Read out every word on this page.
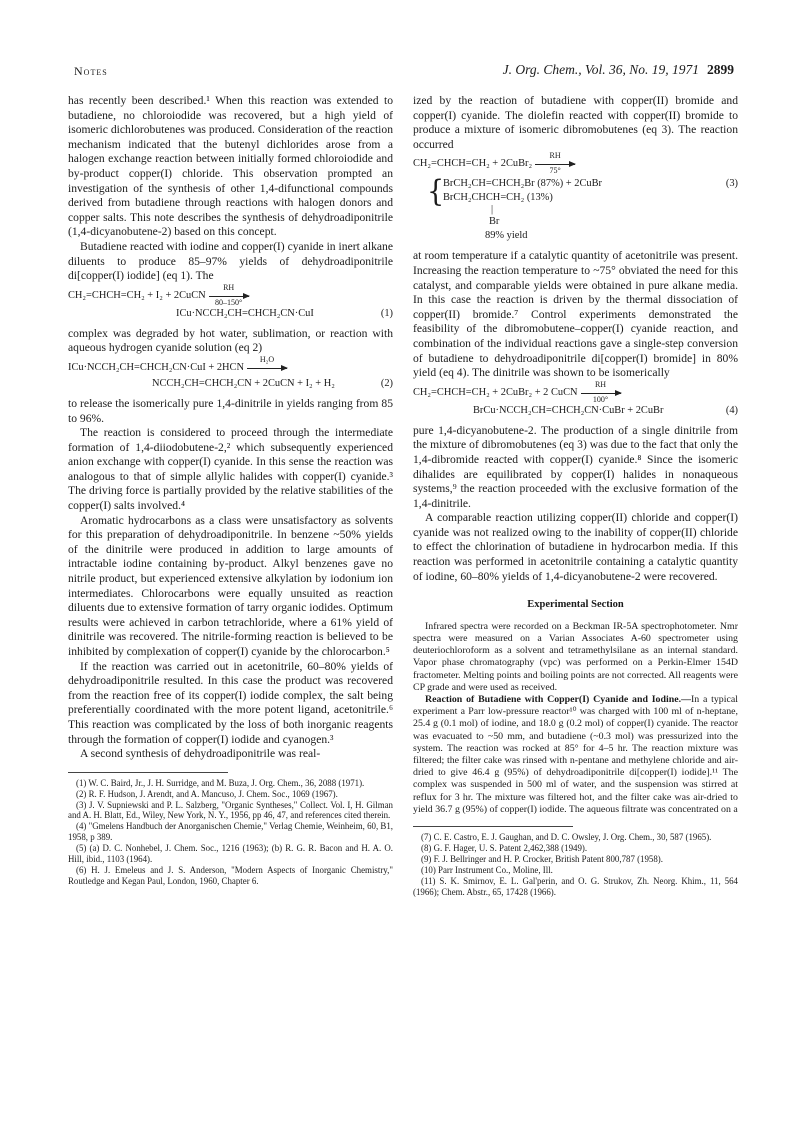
Notes	J. Org. Chem., Vol. 36, No. 19, 1971 2899

has recently been described.¹ When this reaction was extended to butadiene, no chloroiodide was recovered, but a high yield of isomeric dichlorobutenes was produced. Consideration of the reaction mechanism indicated that the butenyl dichlorides arose from a halogen exchange reaction between initially formed chloroiodide and by-product copper(I) chloride. This observation prompted an investigation of the synthesis of other 1,4-difunctional compounds derived from butadiene through reactions with halogen donors and copper salts. This note describes the synthesis of dehydroadiponitrile (1,4-dicyanobutene-2) based on this concept.

Butadiene reacted with iodine and copper(I) cyanide in inert alkane diluents to produce 85–97% yields of dehydroadiponitrile di[copper(I) iodide] (eq 1). The

CH₂=CHCH=CH₂ + I₂ + 2CuCN $\frac{RH}{80-150^\circ}$
ICu·NCCH₂CH=CHCH₂CN·CuI	(1)

complex was degraded by hot water, sublimation, or reaction with aqueous hydrogen cyanide solution (eq 2)

ICu·NCCH₂CH=CHCH₂CN·CuI + 2HCN
H₂O
NCCH₂CH=CHCH₂CN + 2CuCN + I₂ + H₂	(2)

to release the isomerically pure 1,4-dinitrile in yields ranging from 85 to 96%.

The reaction is considered to proceed through the intermediate formation of 1,4-diiodobutene-2,² which subsequently experienced anion exchange with copper(I) cyanide. In this sense the reaction was analogous to that of simple allylic halides with copper(I) cyanide.³ The driving force is partially provided by the relative stabilities of the copper(I) salts involved.⁴

Aromatic hydrocarbons as a class were unsatisfactory as solvents for this preparation of dehydroadiponitrile. In benzene ~50% yields of the dinitrile were produced in addition to large amounts of intractable iodine containing by-product. Alkyl benzenes gave no nitrile product, but experienced extensive alkylation by iodonium ion intermediates. Chlorocarbons were equally unsuited as reaction diluents due to extensive formation of tarry organic iodides. Optimum results were achieved in carbon tetrachloride, where a 61% yield of dinitrile was recovered. The nitrile-forming reaction is believed to be inhibited by complexation of copper(I) cyanide by the chlorocarbon.⁵

If the reaction was carried out in acetonitrile, 60–80% yields of dehydroadiponitrile resulted. In this case the product was recovered from the reaction free of its copper(I) iodide complex, the salt being preferentially coordinated with the more potent ligand, acetonitrile.⁶ This reaction was complicated by the loss of both inorganic reagents through the formation of copper(I) iodide and cyanogen.³

A second synthesis of dehydroadiponitrile was real-

(1) W. C. Baird, Jr., J. H. Surridge, and M. Buza, J. Org. Chem., 36, 2088 (1971).

(2) R. F. Hudson, J. Arendt, and A. Mancuso, J. Chem. Soc., 1069 (1967).

(3) J. V. Supniewski and P. L. Salzberg, "Organic Syntheses," Collect. Vol. I, H. Gilman and A. H. Blatt, Ed., Wiley, New York, N. Y., 1956, pp 46, 47, and references cited therein.

(4) "Gmelens Handbuch der Anorganischen Chemie," Verlag Chemie, Weinheim, 60, B1, 1958, p 389.

(5) (a) D. C. Nonhebel, J. Chem. Soc., 1216 (1963); (b) R. G. R. Bacon and H. A. O. Hill, ibid., 1103 (1964).

(6) H. J. Emeleus and J. S. Anderson, "Modern Aspects of Inorganic Chemistry," Routledge and Kegan Paul, London, 1960, Chapter 6.

ized by the reaction of butadiene with copper(II) bromide and copper(I) cyanide. The diolefin reacted with copper(II) bromide to produce a mixture of isomeric dibromobutenes (eq 3). The reaction occurred

CH₂=CHCH=CH₂ + 2CuBr₂ $\frac{RH}{75^\circ}$
{
BrCH₂CH=CHCH₂Br (87%) + 2CuBr	(3)
BrCH₂CHCH=CH₂ (13%)
|
Br
89% yield

at room temperature if a catalytic quantity of acetonitrile was present. Increasing the reaction temperature to ~75° obviated the need for this catalyst, and comparable yields were obtained in pure alkane media. In this case the reaction is driven by the thermal dissociation of copper(II) bromide.⁷ Control experiments demonstrated the feasibility of the dibromobutene–copper(I) cyanide reaction, and combination of the individual reactions gave a single-step conversion of butadiene to dehydroadiponitrile di[copper(I) bromide] in 80% yield (eq 4). The dinitrile was shown to be isomerically

CH₂=CHCH=CH₂ + 2CuBr₂ + 2 CuCN $\frac{RH}{100^\circ}$
BrCu·NCCH₂CH=CHCH₂CN·CuBr + 2CuBr	(4)

pure 1,4-dicyanobutene-2. The production of a single dinitrile from the mixture of dibromobutenes (eq 3) was due to the fact that only the 1,4-dibromide reacted with copper(I) cyanide.⁸ Since the isomeric dihalides are equilibrated by copper(I) halides in nonaqueous systems,⁹ the reaction proceeded with the exclusive formation of the 1,4-dinitrile.

A comparable reaction utilizing copper(II) chloride and copper(I) cyanide was not realized owing to the inability of copper(II) chloride to effect the chlorination of butadiene in hydrocarbon media. If this reaction was performed in acetonitrile containing a catalytic quantity of iodine, 60–80% yields of 1,4-dicyanobutene-2 were recovered.

Experimental Section

Infrared spectra were recorded on a Beckman IR-5A spectrophotometer. Nmr spectra were measured on a Varian Associates A-60 spectrometer using deuteriochloroform as a solvent and tetramethylsilane as an internal standard. Vapor phase chromatography (vpc) was performed on a Perkin-Elmer 154D fractometer. Melting points and boiling points are not corrected. All reagents were CP grade and were used as received.

Reaction of Butadiene with Copper(I) Cyanide and Iodine.—In a typical experiment a Parr low-pressure reactor¹⁰ was charged with 100 ml of n-heptane, 25.4 g (0.1 mol) of iodine, and 18.0 g (0.2 mol) of copper(I) cyanide. The reactor was evacuated to ~50 mm, and butadiene (~0.3 mol) was pressurized into the system. The reaction was rocked at 85° for 4–5 hr. The reaction mixture was filtered; the filter cake was rinsed with n-pentane and methylene chloride and air-dried to give 46.4 g (95%) of dehydroadiponitrile di[copper(I) iodide].¹¹ The complex was suspended in 500 ml of water, and the suspension was stirred at reflux for 3 hr. The mixture was filtered hot, and the filter cake was air-dried to yield 36.7 g (95%) of copper(I) iodide. The aqueous filtrate was concentrated on a

(7) C. E. Castro, E. J. Gaughan, and D. C. Owsley, J. Org. Chem., 30, 587 (1965).

(8) G. F. Hager, U. S. Patent 2,462,388 (1949).

(9) F. J. Bellringer and H. P. Crocker, British Patent 800,787 (1958).

(10) Parr Instrument Co., Moline, Ill.

(11) S. K. Smirnov, E. L. Gal'perin, and O. G. Strukov, Zh. Neorg. Khim., 11, 564 (1966); Chem. Abstr., 65, 17428 (1966).
